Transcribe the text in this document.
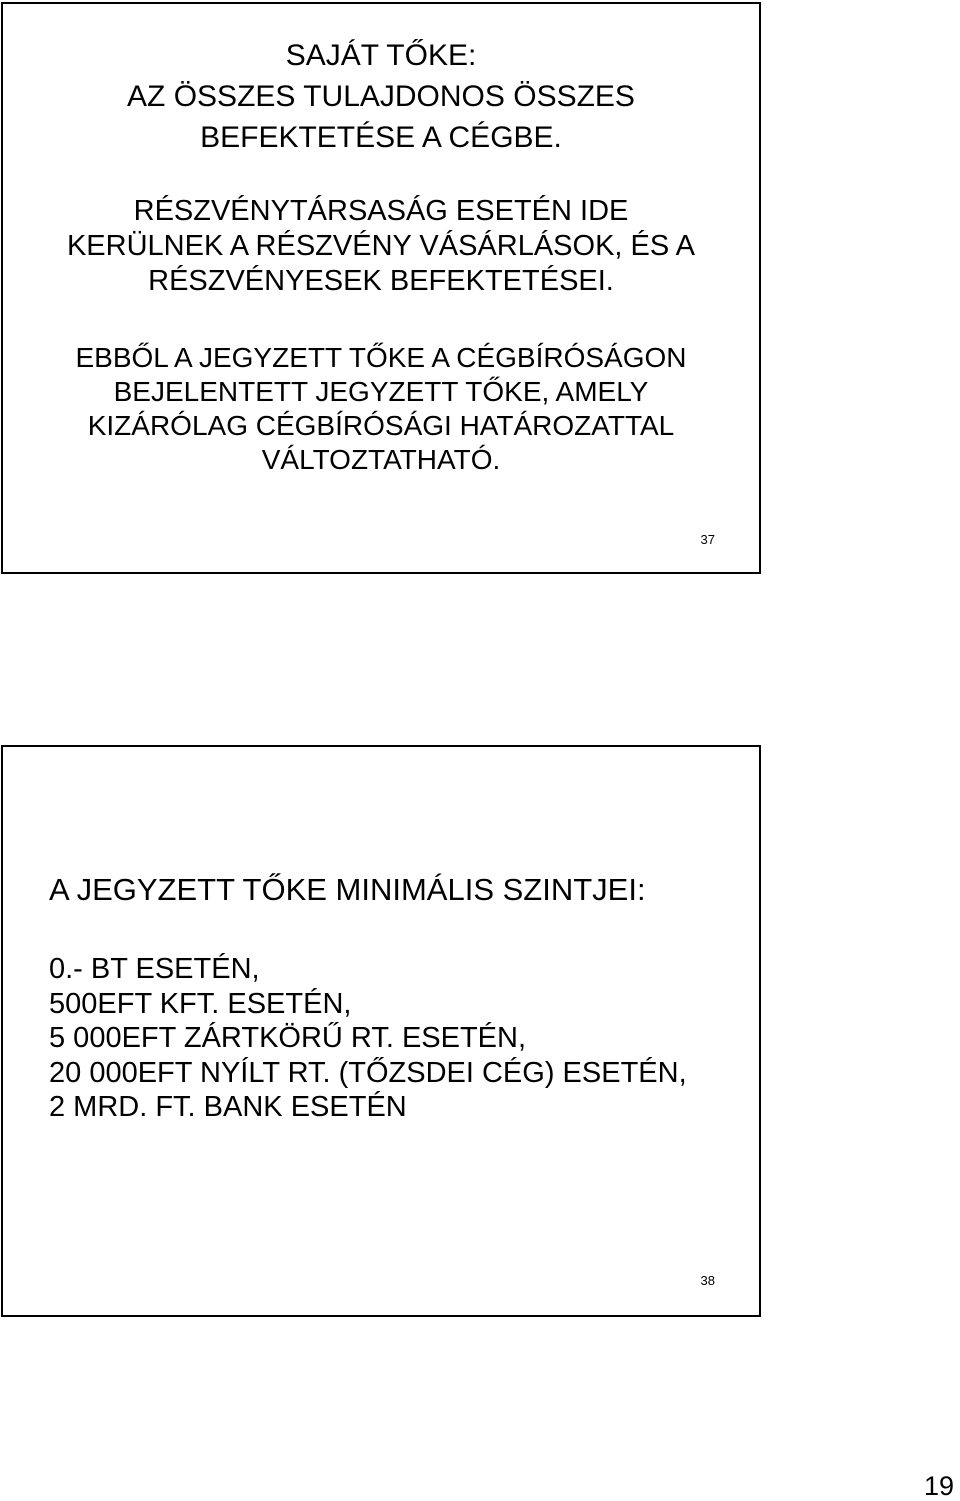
SAJÁT TŐKE:
AZ ÖSSZES TULAJDONOS ÖSSZES
BEFEKTETÉSE A CÉGBE.

RÉSZVÉNYTÁRSASÁG ESETÉN IDE
KERÜLNEK A RÉSZVÉNY VÁSÁRLÁSOK, ÉS A
RÉSZVÉNYESEK BEFEKTETÉSEI.

EBBŐL A JEGYZETT TŐKE A CÉGBÍRÓSÁGON
BEJELENTETT JEGYZETT TŐKE, AMELY
KIZÁRÓLAG CÉGBÍRÓSÁGI HATÁROZATTAL
VÁLTOZTATHATÓ.

37
A JEGYZETT TŐKE MINIMÁLIS SZINTJEI:
0.- BT ESETÉN,
500EFT KFT. ESETÉN,
5 000EFT ZÁRTKÖRŰ RT. ESETÉN,
20 000EFT NYÍLT RT. (TŐZSDEI CÉG) ESETÉN,
2 MRD. FT. BANK ESETÉN
38
19
